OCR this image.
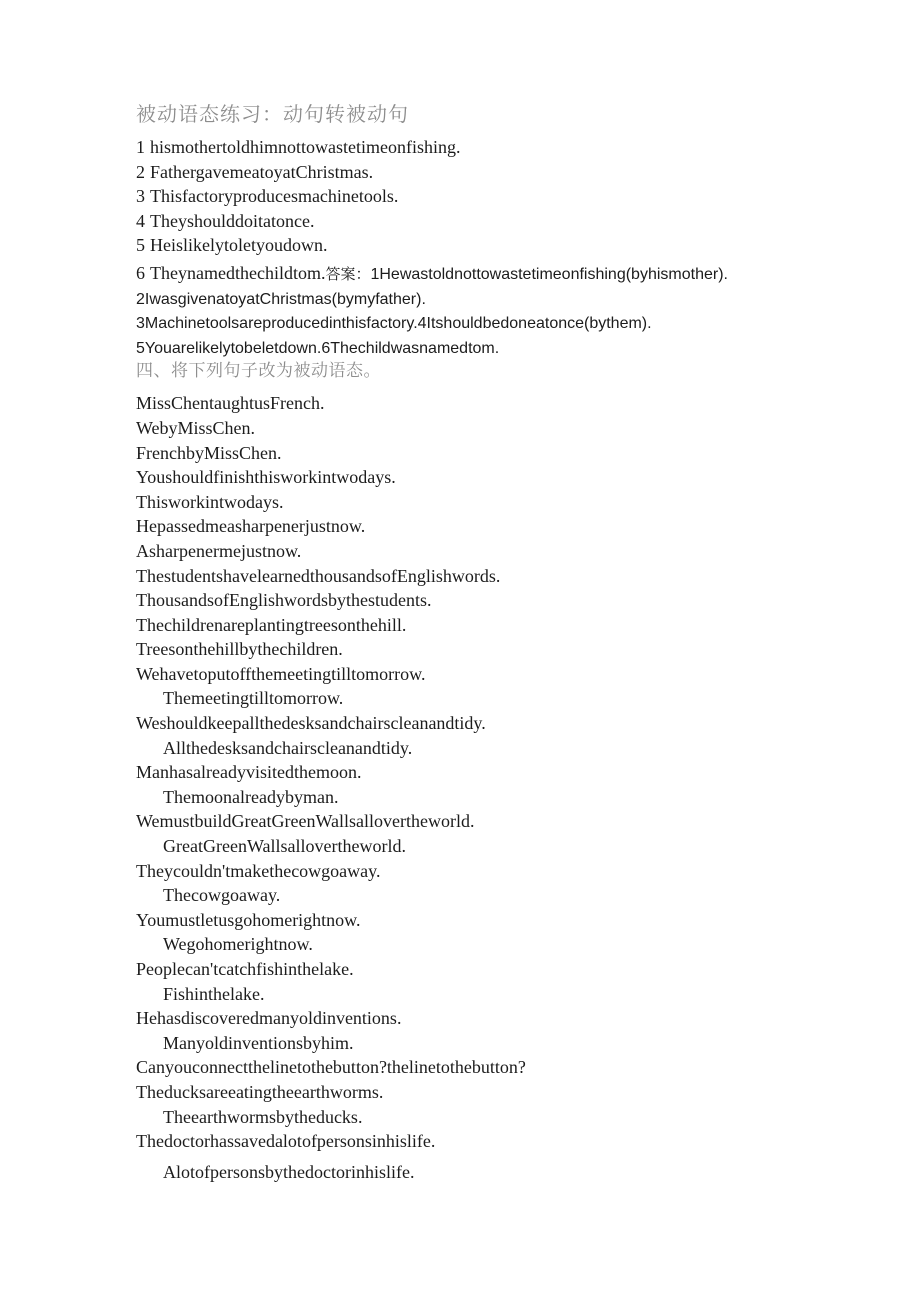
被动语态练习：动句转被动句
1 hismothertoldhimnottowastetimeonfishing.
2 FathergavemeatoyatChristmas.
3 Thisfactoryproducesmachinetools.
4 Theyshoulddoitatonce.
5 Heislikelytoletyoudown.
6 Theynamedthechildtom.答案：1Hewastoldnottowastetimeonfishing(byhismother).
2IwasgivenatoyatChristmas(bymyfather).
3Machinetoolsareproducedinthisfactory.4Itshouldbedoneatonce(bythem).
5Youarelikelytobeletdown.6Thechildwasnamedtom.
四、将下列句子改为被动语态。
MissChentaughtusFrench.
WebyMissChen.
FrenchbyMissChen.
Youshouldfinishthisworkintwodays.
Thisworkintwodays.
Hepassedmeasharpenerjustnow.
Asharpenermejustnow.
ThestudentshavelearnedthousandsofEnglishwords.
ThousandsofEnglishwordsbythestudents.
Thechildrenareplantingtreesonthehill.
Treesonthehillbythechildren.
Wehavetoputoffthemeetingtilltomorrow.
Themeetingtilltomorrow.
Weshouldkeepallthedesksandchairscleanandtidy.
Allthedesksandchairscleanandtidy.
Manhasalreadyvisitedthemoon.
Themoonalreadybyman.
WemustbuildGreatGreenWallsallovertheworld.
GreatGreenWallsallovertheworld.
Theycouldn'tmakethecowgoaway.
Thecowgoaway.
Youmustletusgohomerightnow.
Wegohomerightnow.
Peoplecan'tcatchfishinthelake.
Fishinthelake.
Hehasdiscoveredmanyoldinventions.
Manyoldinventionsbyhim.
Canyouconnectthelinetothebutton?thelinetothebutton?
Theducksareeatingtheearthworms.
Theearthwormsbytheducks.
Thedoctorhassavedalotofpersonsinhislife.
Alotofpersonsbythedoctorinhislife.
